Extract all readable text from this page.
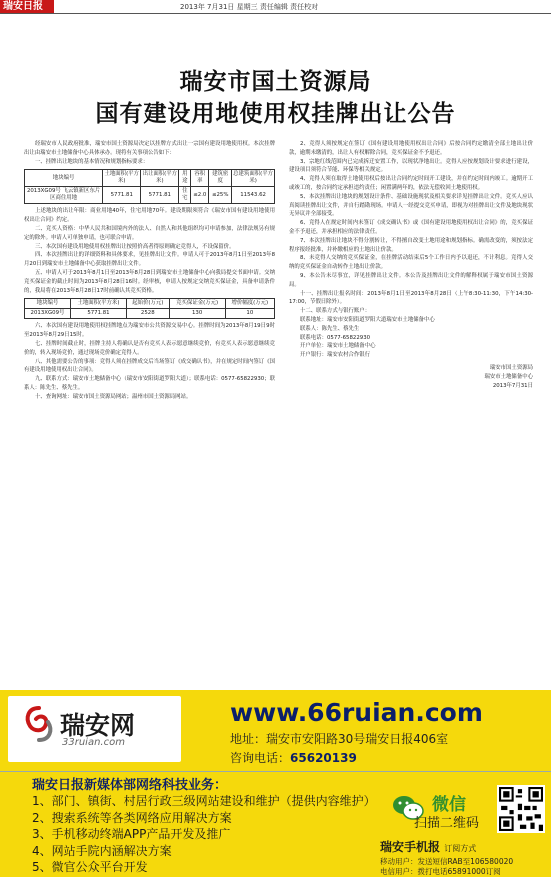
瑞安日报	2013年 7月31日 星期三 责任编辑 责任校对
瑞安市国土资源局
国有建设用地使用权挂牌出让公告

经瑞安市人民政府批准，瑞安市国土资源局决定以挂牌方式出让一宗国有建设用地使用权。本次挂牌出让由瑞安市土地储备中心具体承办。现将有关事项公告如下：

一、挂牌出让地块的基本情况和规划指标要求：

地块编号	土地面积(平方米)	出让面积(平方米)	用途	容积率	建筑密度	总建筑面积(平方米)
2013XG09号 飞云镇新区东片区商住用地	5771.81	5771.81	住宅	≤2.0	≤25%	11543.62

上述地块的出让年限：商业用地40年，住宅用地70年。建设期限须符合《瑞安市国有建设用地使用权出让合同》约定。

二、竞买人资格：中华人民共和国境内外的法人、自然人和其他组织均可申请参加，法律法规另有规定的除外。申请人可单独申请，也可联合申请。

三、本次国有建设用地使用权挂牌出让按照价高者得原则确定竞得人，不设保留价。

四、本次挂牌出让的详细资料和具体要求，见挂牌出让文件。申请人可于2013年8月1日至2013年8月20日到瑞安市土地储备中心获取挂牌出让文件。

五、申请人可于2013年8月1日至2013年8月28日到瑞安市土地储备中心向我局提交书面申请。交纳竞买保证金的截止时间为2013年8月28日16时。经审核，申请人按规定交纳竞买保证金，具备申请条件的，我局将在2013年8月28日17时前确认其竞买资格。

地块编号	土地面积(平方米)	起始价(万元)	竞买保证金(万元)	增价幅度(万元)
2013XG09号	5771.81	2528	130	10

六、本次国有建设用地使用权挂牌地点为瑞安市公共资源交易中心。挂牌时间为2013年8月19日9时至2013年8月29日15时。

七、挂牌时间截止时，挂牌主持人将确认是否有竞买人表示愿意继续竞价，有竞买人表示愿意继续竞价的，转入现场竞价，通过现场竞价确定竞得人。

八、其他需要公告的事项：竞得人须在挂牌成交后当场签订《成交确认书》，并在规定时间内签订《国有建设用地使用权出让合同》。

九、联系方式：瑞安市土地储备中心（瑞安市安阳街道罗阳大道）；联系电话：0577-65822930；联系人：陈先生、蔡先生。

十、查询网址：瑞安市国土资源局网站；温州市国土资源局网站。

2、竞得人须按规定在签订《国有建设用地使用权出让合同》后按合同约定缴清全部土地出让价款，逾期未缴清的，出让人有权解除合同，竞买保证金不予退还。

3、宗地红线范围内已完成拆迁安置工作，以现状净地出让。竞得人应按规划设计要求进行建设，建设项目须符合节能、环保等相关规定。

4、竞得人须在取得土地使用权后按出让合同约定时间开工建设，并在约定时间内竣工。逾期开工或竣工的，按合同约定承担违约责任；闲置满两年的，依法无偿收回土地使用权。

5、本次挂牌出让地块的规划设计条件、基础设施现状及相关要求详见挂牌出让文件。竞买人应认真阅读挂牌出让文件，并自行踏勘现场。申请人一经提交竞买申请，即视为对挂牌出让文件及地块现状无异议并全部接受。

6、竞得人在规定时间内未签订《成交确认书》或《国有建设用地使用权出让合同》的，竞买保证金不予退还，并承担相应的法律责任。

7、本次挂牌出让地块不得分割转让，不得擅自改变土地用途和规划指标。确需改变的，须按法定程序报经批准，并补缴相应的土地出让价款。

8、未竞得人交纳的竞买保证金，在挂牌活动结束后5个工作日内予以退还，不计利息。竞得人交纳的竞买保证金自动转作土地出让价款。

9、本公告未尽事宜，详见挂牌出让文件。本公告及挂牌出让文件的解释权属于瑞安市国土资源局。

十一、挂牌出让报名时间：2013年8月1日至2013年8月28日（上午8:30-11:30，下午14:30-17:00，节假日除外）。

十二、联系方式与银行账户：

联系地址：瑞安市安阳街道罗阳大道瑞安市土地储备中心

联系人：陈先生、蔡先生

联系电话：0577-65822930

开户单位：瑞安市土地储备中心

开户银行：瑞安农村合作银行

瑞安市国土资源局
瑞安市土地储备中心
2013年7月31日
瑞安网
33ruian.com
www.66ruian.com
地址：瑞安市安阳路30号瑞安日报406室
咨询电话：65620139
瑞安日报新媒体部网络科技业务：
1、部门、镇街、村居行政三级网站建设和维护（提供内容维护）
2、搜索系统等各类网络应用解决方案
3、手机移动终端APP产品开发及推广
4、网站手院内涵解决方案
5、微官公众平台开发
微信
扫描二维码
瑞安手机报 订阅方式
移动用户：发送短信RAB至106580020
电信用户：拨打电话65891000订阅
